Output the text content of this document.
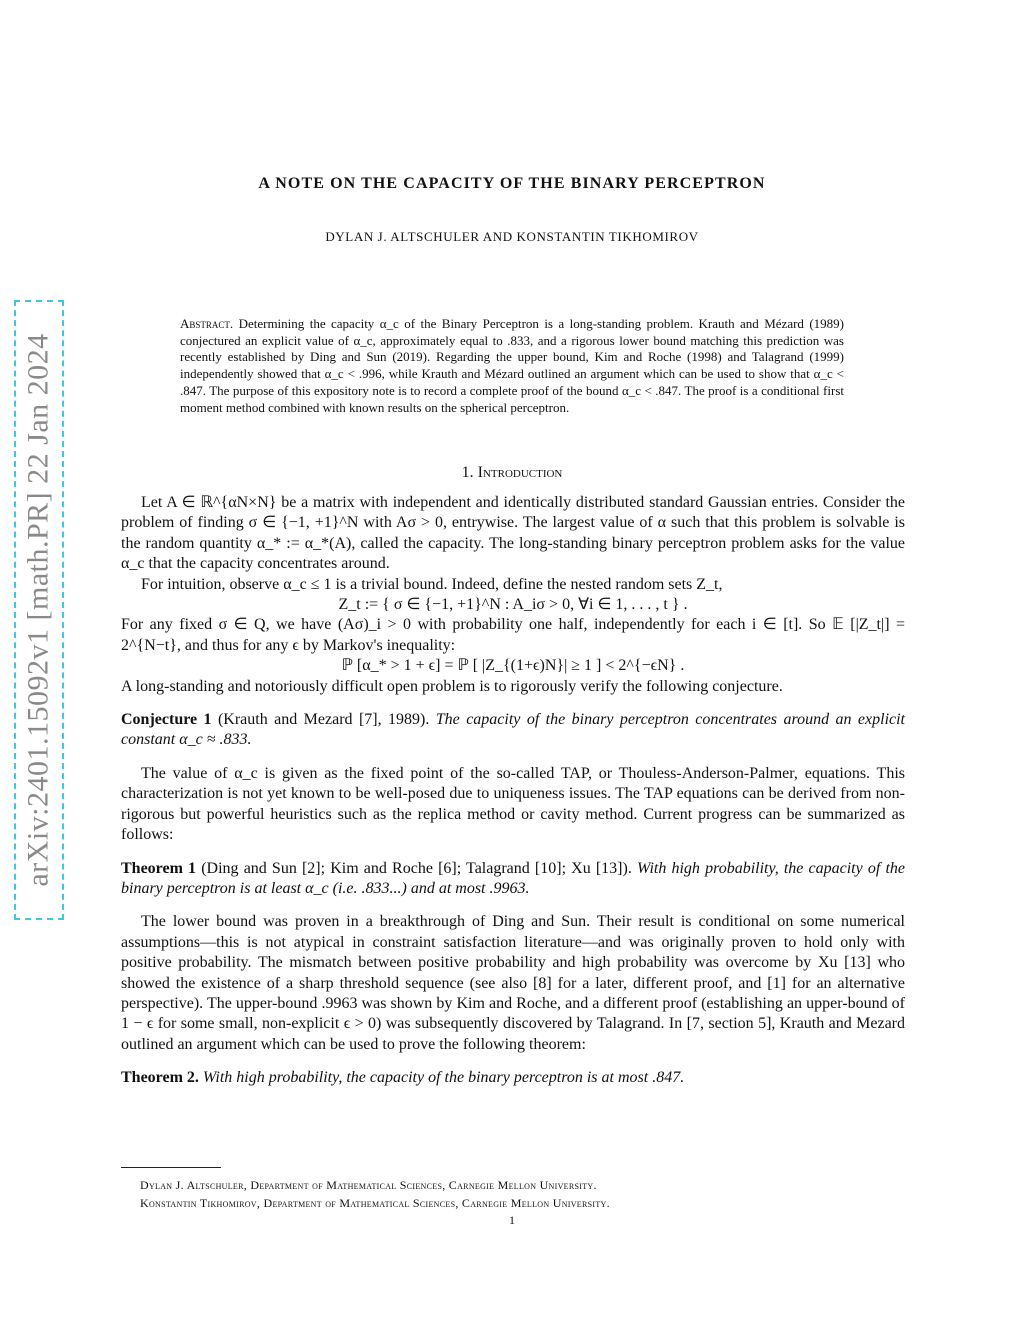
arXiv:2401.15092v1 [math.PR] 22 Jan 2024
A NOTE ON THE CAPACITY OF THE BINARY PERCEPTRON
DYLAN J. ALTSCHULER AND KONSTANTIN TIKHOMIROV
Abstract. Determining the capacity α_c of the Binary Perceptron is a long-standing problem. Krauth and Mézard (1989) conjectured an explicit value of α_c, approximately equal to .833, and a rigorous lower bound matching this prediction was recently established by Ding and Sun (2019). Regarding the upper bound, Kim and Roche (1998) and Talagrand (1999) independently showed that α_c < .996, while Krauth and Mézard outlined an argument which can be used to show that α_c < .847. The purpose of this expository note is to record a complete proof of the bound α_c < .847. The proof is a conditional first moment method combined with known results on the spherical perceptron.
1. Introduction

Let A ∈ ℝ^{αN×N} be a matrix with independent and identically distributed standard Gaussian entries. Consider the problem of finding σ ∈ {−1, +1}^N with Aσ > 0, entrywise. The largest value of α such that this problem is solvable is the random quantity α_* := α_*(A), called the capacity. The long-standing binary perceptron problem asks for the value α_c that the capacity concentrates around.

For intuition, observe α_c ≤ 1 is a trivial bound. Indeed, define the nested random sets Z_t,

Z_t := { σ ∈ {−1, +1}^N : A_iσ > 0, ∀i ∈ 1, . . . , t } .

For any fixed σ ∈ Q, we have (Aσ)_i > 0 with probability one half, independently for each i ∈ [t]. So 𝔼 [|Z_t|] = 2^{N−t}, and thus for any ϵ by Markov's inequality:

ℙ [α_* > 1 + ϵ] = ℙ [ |Z_{(1+ϵ)N}| ≥ 1 ] < 2^{−ϵN} .

A long-standing and notoriously difficult open problem is to rigorously verify the following conjecture.

Conjecture 1 (Krauth and Mezard [7], 1989). The capacity of the binary perceptron concentrates around an explicit constant α_c ≈ .833.

The value of α_c is given as the fixed point of the so-called TAP, or Thouless-Anderson-Palmer, equations. This characterization is not yet known to be well-posed due to uniqueness issues. The TAP equations can be derived from non-rigorous but powerful heuristics such as the replica method or cavity method. Current progress can be summarized as follows:

Theorem 1 (Ding and Sun [2]; Kim and Roche [6]; Talagrand [10]; Xu [13]). With high probability, the capacity of the binary perceptron is at least α_c (i.e. .833...) and at most .9963.

The lower bound was proven in a breakthrough of Ding and Sun. Their result is conditional on some numerical assumptions—this is not atypical in constraint satisfaction literature—and was originally proven to hold only with positive probability. The mismatch between positive probability and high probability was overcome by Xu [13] who showed the existence of a sharp threshold sequence (see also [8] for a later, different proof, and [1] for an alternative perspective). The upper-bound .9963 was shown by Kim and Roche, and a different proof (establishing an upper-bound of 1 − ϵ for some small, non-explicit ϵ > 0) was subsequently discovered by Talagrand. In [7, section 5], Krauth and Mezard outlined an argument which can be used to prove the following theorem:

Theorem 2. With high probability, the capacity of the binary perceptron is at most .847.

Dylan J. Altschuler, Department of Mathematical Sciences, Carnegie Mellon University.
Konstantin Tikhomirov, Department of Mathematical Sciences, Carnegie Mellon University.
1
